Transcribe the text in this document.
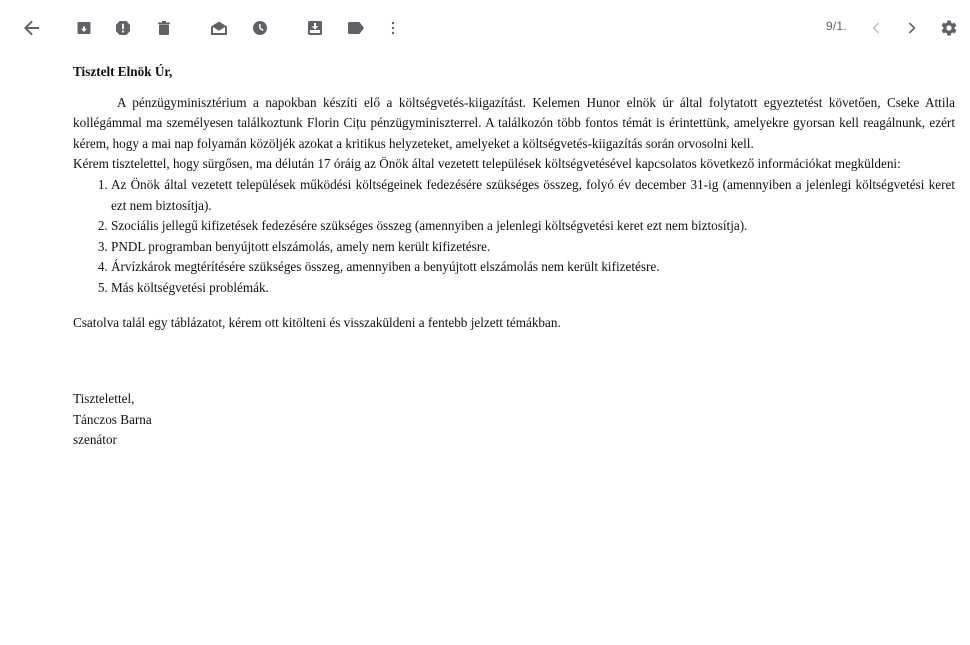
9/1.

Tisztelt Elnök Úr,

A pénzügyminisztérium a napokban készíti elő a költségvetés-kiigazítást. Kelemen Hunor elnök úr által folytatott egyeztetést követően, Cseke Attila kollégámmal ma személyesen találkoztunk Florin Cițu pénzügyminiszterrel. A találkozón több fontos témát is érintettünk, amelyekre gyorsan kell reagálnunk, ezért kérem, hogy a mai nap folyamán közöljék azokat a kritikus helyzeteket, amelyeket a költségvetés-kiigazítás során orvosolni kell.

Kérem tisztelettel, hogy sürgősen, ma délután 17 óráig az Önök által vezetett települések költségvetésével kapcsolatos következő információkat megküldeni:

1. Az Önök által vezetett települések működési költségeinek fedezésére szükséges összeg, folyó év december 31-ig (amennyiben a jelenlegi költségvetési keret ezt nem biztosítja).
2. Szociális jellegű kifizetések fedezésére szükséges összeg (amennyiben a jelenlegi költségvetési keret ezt nem biztosítja).
3. PNDL programban benyújtott elszámolás, amely nem került kifizetésre.
4. Árvízkárok megtérítésére szükséges összeg, amennyiben a benyújtott elszámolás nem került kifizetésre.
5. Más költségvetési problémák.

Csatolva talál egy táblázatot, kérem ott kitölteni és visszaküldeni a fentebb jelzett témákban.

Tisztelettel,
Tánczos Barna
szenátor
